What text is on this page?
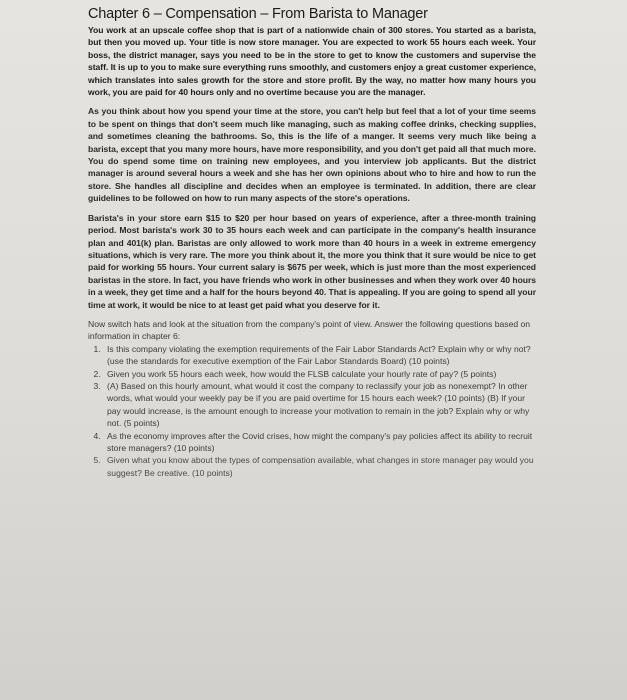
Chapter 6 – Compensation – From Barista to Manager

You work at an upscale coffee shop that is part of a nationwide chain of 300 stores. You started as a barista, but then you moved up. Your title is now store manager. You are expected to work 55 hours each week. Your boss, the district manager, says you need to be in the store to get to know the customers and supervise the staff. It is up to you to make sure everything runs smoothly, and customers enjoy a great customer experience, which translates into sales growth for the store and store profit. By the way, no matter how many hours you work, you are paid for 40 hours only and no overtime because you are the manager.

As you think about how you spend your time at the store, you can't help but feel that a lot of your time seems to be spent on things that don't seem much like managing, such as making coffee drinks, checking supplies, and sometimes cleaning the bathrooms. So, this is the life of a manger. It seems very much like being a barista, except that you many more hours, have more responsibility, and you don't get paid all that much more. You do spend some time on training new employees, and you interview job applicants. But the district manager is around several hours a week and she has her own opinions about who to hire and how to run the store. She handles all discipline and decides when an employee is terminated. In addition, there are clear guidelines to be followed on how to run many aspects of the store's operations.

Barista's in your store earn $15 to $20 per hour based on years of experience, after a three-month training period. Most barista's work 30 to 35 hours each week and can participate in the company's health insurance plan and 401(k) plan. Baristas are only allowed to work more than 40 hours in a week in extreme emergency situations, which is very rare. The more you think about it, the more you think that it sure would be nice to get paid for working 55 hours. Your current salary is $675 per week, which is just more than the most experienced baristas in the store. In fact, you have friends who work in other businesses and when they work over 40 hours in a week, they get time and a half for the hours beyond 40. That is appealing. If you are going to spend all your time at work, it would be nice to at least get paid what you deserve for it.

Now switch hats and look at the situation from the company's point of view. Answer the following questions based on information in chapter 6:

1. Is this company violating the exemption requirements of the Fair Labor Standards Act? Explain why or why not? (use the standards for executive exemption of the Fair Labor Standards Board) (10 points)
2. Given you work 55 hours each week, how would the FLSB calculate your hourly rate of pay? (5 points)
3. (A) Based on this hourly amount, what would it cost the company to reclassify your job as nonexempt? In other words, what would your weekly pay be if you are paid overtime for 15 hours each week? (10 points) (B) If your pay would increase, is the amount enough to increase your motivation to remain in the job? Explain why or why not. (5 points)
4. As the economy improves after the Covid crises, how might the company's pay policies affect its ability to recruit store managers? (10 points)
5. Given what you know about the types of compensation available, what changes in store manager pay would you suggest? Be creative. (10 points)
